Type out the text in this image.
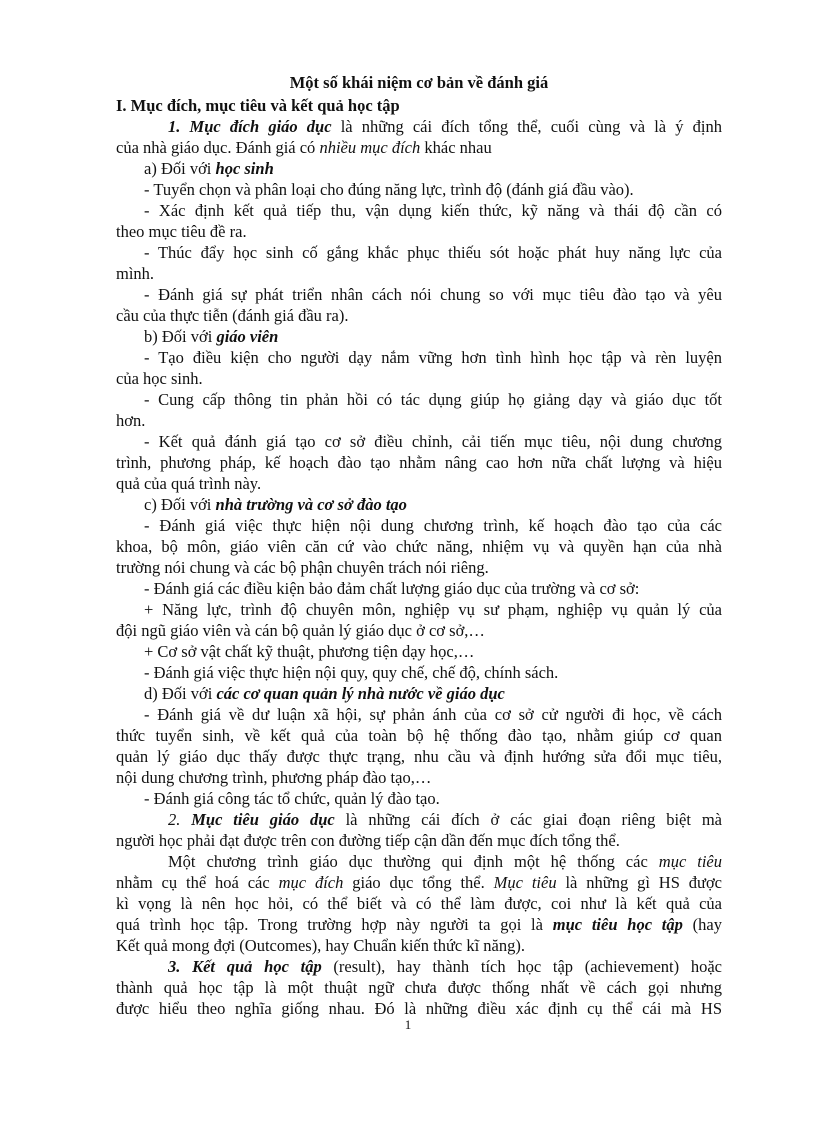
Một số khái niệm cơ bản về đánh giá
I. Mục đích, mục tiêu và kết quả học tập
1. Mục đích giáo dục là những cái đích tổng thể, cuối cùng và là ý định
của nhà giáo dục. Đánh giá có nhiều mục đích khác nhau
a) Đối với học sinh
- Tuyển chọn và phân loại cho đúng năng lực, trình độ (đánh giá đầu vào).
- Xác định kết quả tiếp thu, vận dụng kiến thức, kỹ năng và thái độ cần có
theo mục tiêu đề ra.
- Thúc đẩy học sinh cố gắng khắc phục thiếu sót hoặc phát huy năng lực của
mình.
- Đánh giá sự phát triển nhân cách nói chung so với mục tiêu đào tạo và yêu
cầu của thực tiễn (đánh giá đầu ra).
b) Đối với giáo viên
- Tạo điều kiện cho người dạy nắm vững hơn tình hình học tập và rèn luyện
của học sinh.
- Cung cấp thông tin phản hồi có tác dụng giúp họ giảng dạy và giáo dục tốt
hơn.
- Kết quả đánh giá tạo cơ sở điều chỉnh, cải tiến mục tiêu, nội dung chương
trình, phương pháp, kế hoạch đào tạo nhằm nâng cao hơn nữa chất lượng và hiệu
quả của quá trình này.
c) Đối với nhà trường và cơ sở đào tạo
- Đánh giá việc thực hiện nội dung chương trình, kế hoạch đào tạo của các
khoa, bộ môn, giáo viên căn cứ vào chức năng, nhiệm vụ và quyền hạn của nhà
trường nói chung và các bộ phận chuyên trách nói riêng.
- Đánh giá các điều kiện bảo đảm chất lượng giáo dục của trường và cơ sở:
+ Năng lực, trình độ chuyên môn, nghiệp vụ sư phạm, nghiệp vụ quản lý của
đội ngũ giáo viên và cán bộ quản lý giáo dục ở cơ sở,…
+ Cơ sở vật chất kỹ thuật, phương tiện dạy học,…
- Đánh giá việc thực hiện nội quy, quy chế, chế độ, chính sách.
d) Đối với các cơ quan quản lý nhà nước về giáo dục
- Đánh giá về dư luận xã hội, sự phản ánh của cơ sở cử người đi học, về cách
thức tuyển sinh, về kết quả của toàn bộ hệ thống đào tạo, nhằm giúp cơ quan
quản lý giáo dục thấy được thực trạng, nhu cầu và định hướng sửa đổi mục tiêu,
nội dung chương trình, phương pháp đào tạo,…
- Đánh giá công tác tổ chức, quản lý đào tạo.
2. Mục tiêu giáo dục là những cái đích ở các giai đoạn riêng biệt mà
người học phải đạt được trên con đường tiếp cận dần đến mục đích tổng thể.
Một chương trình giáo dục thường qui định một hệ thống các mục tiêu
nhằm cụ thể hoá các mục đích giáo dục tổng thể. Mục tiêu là những gì HS được
kì vọng là nên học hỏi, có thể biết và có thể làm được, coi như là kết quả của
quá trình học tập. Trong trường hợp này người ta gọi là mục tiêu học tập (hay
Kết quả mong đợi (Outcomes), hay Chuẩn kiến thức kĩ năng).
3. Kết quả học tập (result), hay thành tích học tập (achievement) hoặc
thành quả học tập là một thuật ngữ chưa được thống nhất về cách gọi nhưng
được hiểu theo nghĩa giống nhau. Đó là những điều xác định cụ thể cái mà HS
1
